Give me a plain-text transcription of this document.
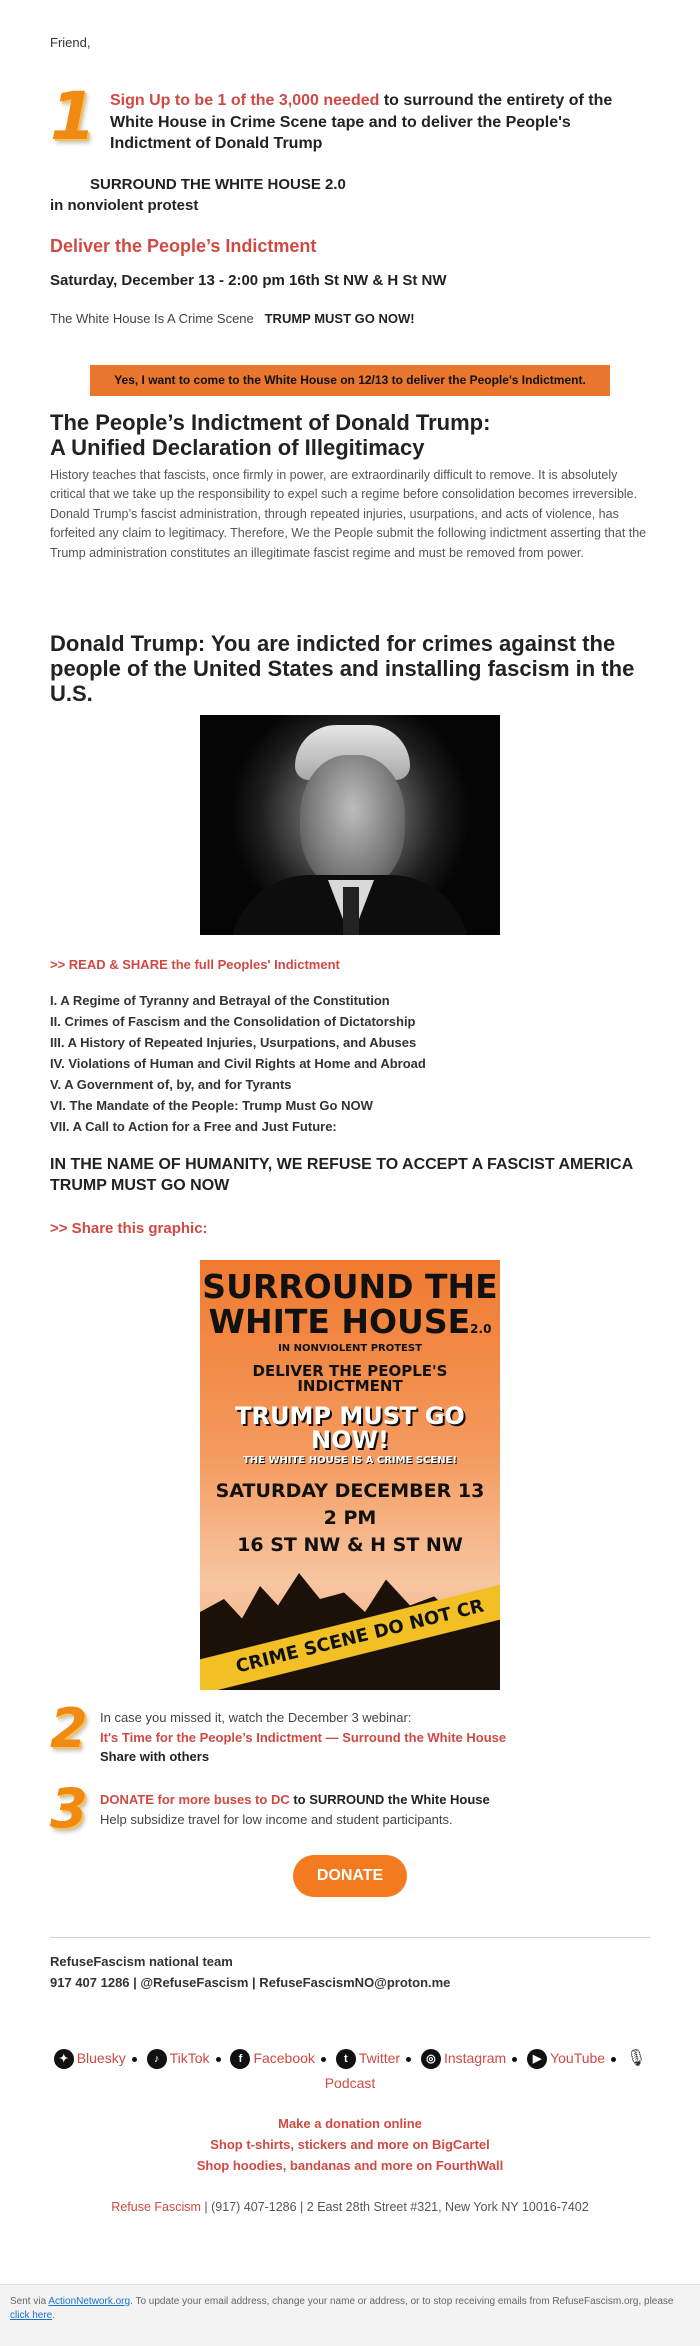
Friend,
1 Sign Up to be 1 of the 3,000 needed to surround the entirety of the White House in Crime Scene tape and to deliver the People's Indictment of Donald Trump
SURROUND THE WHITE HOUSE 2.0
in nonviolent protest
Deliver the People’s Indictment
Saturday, December 13 - 2:00 pm 16th St NW & H St NW
The White House Is A Crime Scene TRUMP MUST GO NOW!
Yes, I want to come to the White House on 12/13 to deliver the People's Indictment.
The People’s Indictment of Donald Trump:
A Unified Declaration of Illegitimacy
History teaches that fascists, once firmly in power, are extraordinarily difficult to remove. It is absolutely critical that we take up the responsibility to expel such a regime before consolidation becomes irreversible. Donald Trump’s fascist administration, through repeated injuries, usurpations, and acts of violence, has forfeited any claim to legitimacy. Therefore, We the People submit the following indictment asserting that the Trump administration constitutes an illegitimate fascist regime and must be removed from power.
Donald Trump: You are indicted for crimes against the people of the United States and installing fascism in the U.S.
>> READ & SHARE the full Peoples' Indictment
I. A Regime of Tyranny and Betrayal of the Constitution
II. Crimes of Fascism and the Consolidation of Dictatorship
III. A History of Repeated Injuries, Usurpations, and Abuses
IV. Violations of Human and Civil Rights at Home and Abroad
V. A Government of, by, and for Tyrants
VI. The Mandate of the People: Trump Must Go NOW
VII. A Call to Action for a Free and Just Future:
IN THE NAME OF HUMANITY, WE REFUSE TO ACCEPT A FASCIST AMERICA
TRUMP MUST GO NOW
>> Share this graphic:
SURROUND THE
WHITE HOUSE2.0
IN NONVIOLENT PROTEST
DELIVER THE PEOPLE'S INDICTMENT
TRUMP MUST GO NOW!
THE WHITE HOUSE IS A CRIME SCENE!
SATURDAY DECEMBER 13
2 PM
16 ST NW & H ST NW
CRIME SCENE DO NOT CR
2 In case you missed it, watch the December 3 webinar:
It's Time for the People’s Indictment — Surround the White House
Share with others
3 DONATE for more buses to DC to SURROUND the White House
Help subsidize travel for low income and student participants.
DONATE
RefuseFascism national team
917 407 1286 | @RefuseFascism | RefuseFascismNO@proton.me
✦ Bluesky	♪ TikTok	f Facebook	t Twitter ◎ Instagram ▶ YouTube 🎙
Podcast
Make a donation online
Shop t-shirts, stickers and more on BigCartel
Shop hoodies, bandanas and more on FourthWall
Refuse Fascism | (917) 407-1286 | 2 East 28th Street #321, New York NY 10016-7402
Sent via ActionNetwork.org. To update your email address, change your name or address, or to stop receiving emails from RefuseFascism.org, please click here.
